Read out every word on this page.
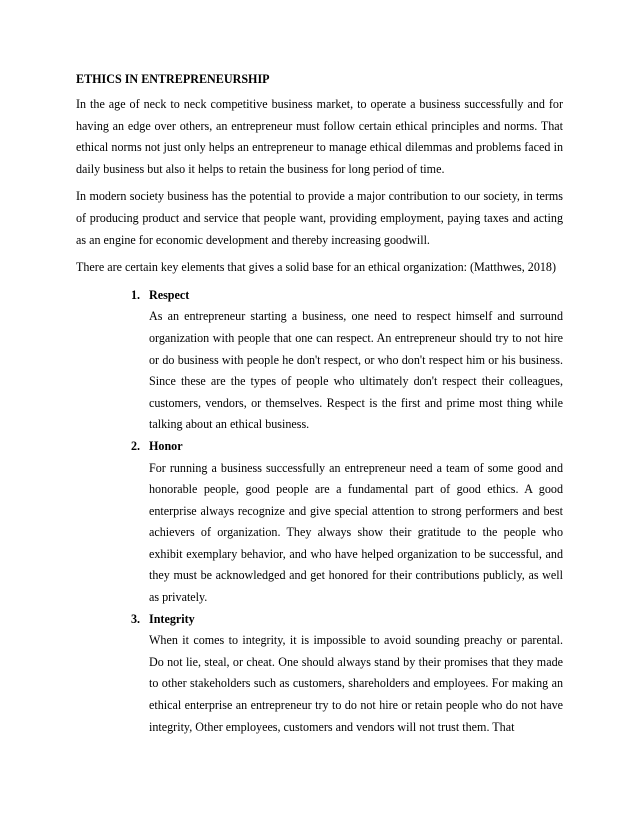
ETHICS IN ENTREPRENEURSHIP

In the age of neck to neck competitive business market, to operate a business successfully and for having an edge over others, an entrepreneur must follow certain ethical principles and norms. That ethical norms not just only helps an entrepreneur to manage ethical dilemmas and problems faced in daily business but also it helps to retain the business for long period of time.

In modern society business has the potential to provide a major contribution to our society, in terms of producing product and service that people want, providing employment, paying taxes and acting as an engine for economic development and thereby increasing goodwill.

There are certain key elements that gives a solid base for an ethical organization: (Matthwes, 2018)

1. Respect

As an entrepreneur starting a business, one need to respect himself and surround organization with people that one can respect. An entrepreneur should try to not hire or do business with people he don't respect, or who don't respect him or his business. Since these are the types of people who ultimately don't respect their colleagues, customers, vendors, or themselves. Respect is the first and prime most thing while talking about an ethical business.

2. Honor

For running a business successfully an entrepreneur need a team of some good and honorable people, good people are a fundamental part of good ethics. A good enterprise always recognize and give special attention to strong performers and best achievers of organization. They always show their gratitude to the people who exhibit exemplary behavior, and who have helped organization to be successful, and they must be acknowledged and get honored for their contributions publicly, as well as privately.

3. Integrity

When it comes to integrity, it is impossible to avoid sounding preachy or parental. Do not lie, steal, or cheat. One should always stand by their promises that they made to other stakeholders such as customers, shareholders and employees. For making an ethical enterprise an entrepreneur try to do not hire or retain people who do not have integrity, Other employees, customers and vendors will not trust them. That
